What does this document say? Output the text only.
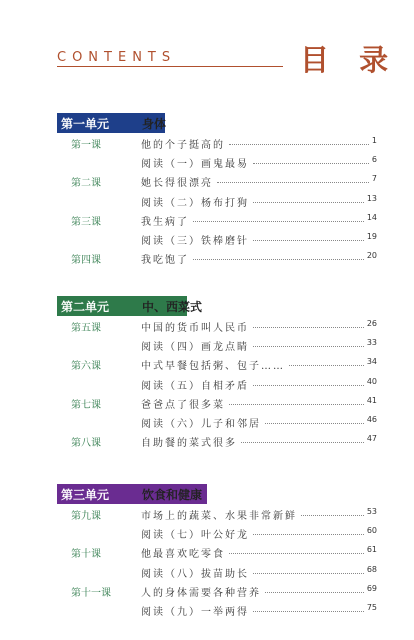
CONTENTS	目 录
第一单元	身体
第一课	他的个子挺高的	1
阅读（一）画鬼最易	6
第二课	她长得很漂亮	7
阅读（二）杨布打狗	13
第三课	我生病了	14
阅读（三）铁棒磨针	19
第四课	我吃饱了	20
第二单元	中、西菜式
第五课	中国的货币叫人民币	26
阅读（四）画龙点睛	33
第六课	中式早餐包括粥、包子……	34
阅读（五）自相矛盾	40
第七课	爸爸点了很多菜	41
阅读（六）儿子和邻居	46
第八课	自助餐的菜式很多	47
第三单元	饮食和健康
第九课	市场上的蔬菜、水果非常新鲜	53
阅读（七）叶公好龙	60
第十课	他最喜欢吃零食	61
阅读（八）拔苗助长	68
第十一课	人的身体需要各种营养	69
阅读（九）一举两得	75
